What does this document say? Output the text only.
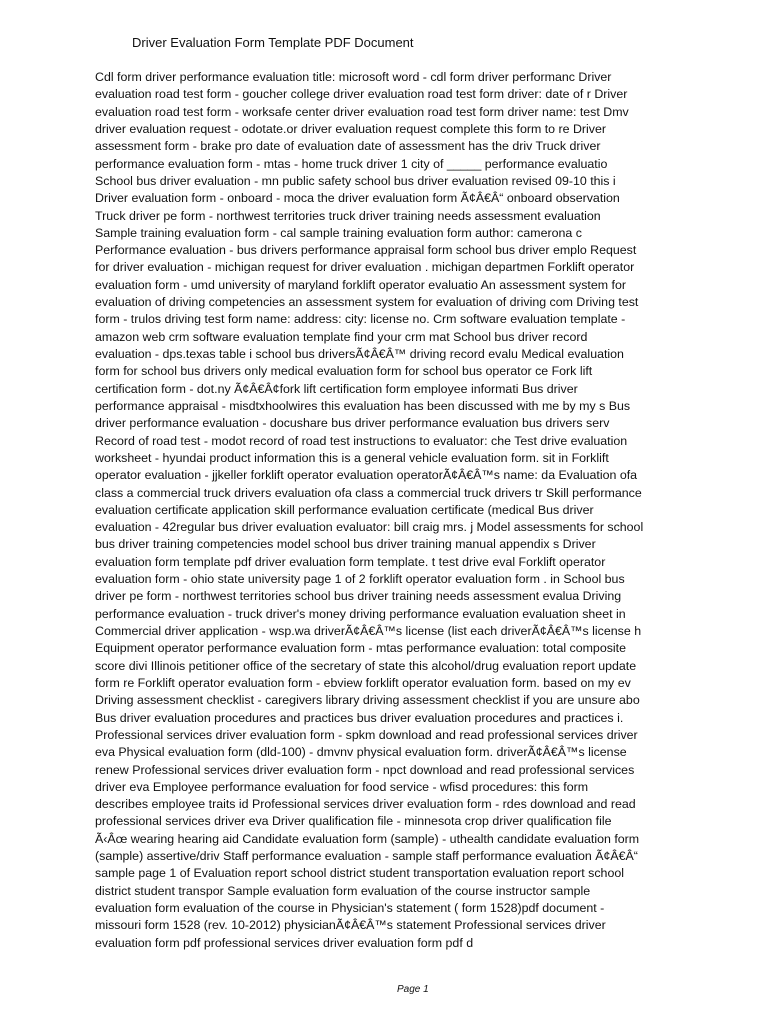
Driver Evaluation Form Template PDF Document
Cdl form driver performance evaluation title: microsoft word - cdl form driver performanc Driver
evaluation road test form - goucher college driver evaluation road test form driver: date of r Driver
evaluation road test form - worksafe center driver evaluation road test form driver name: test Dmv
driver evaluation request - odotate.or driver evaluation request complete this form to re Driver
assessment form - brake pro date of evaluation date of assessment has the driv Truck driver
performance evaluation form - mtas - home truck driver 1 city of _____ performance evaluatio
School bus driver evaluation - mn public safety school bus driver evaluation revised 09-10 this i
Driver evaluation form - onboard - moca the driver evaluation form Ã¢Â€Â“ onboard observation
Truck driver pe form - northwest territories truck driver training needs assessment evaluation
Sample training evaluation form - cal sample training evaluation form author: camerona c
Performance evaluation - bus drivers performance appraisal form school bus driver emplo Request
for driver evaluation - michigan request for driver evaluation . michigan departmen Forklift operator
evaluation form - umd university of maryland forklift operator evaluatio An assessment system for
evaluation of driving competencies an assessment system for evaluation of driving com Driving test
form - trulos driving test form name: address: city: license no. Crm software evaluation template -
amazon web crm software evaluation template find your crm mat School bus driver record
evaluation - dps.texas table i school bus driversÃ¢Â€Â™ driving record evalu Medical evaluation
form for school bus drivers only medical evaluation form for school bus operator ce Fork lift
certification form - dot.ny Ã¢Â€Â¢fork lift certification form employee informati Bus driver
performance appraisal - misdtxhoolwires this evaluation has been discussed with me by my s Bus
driver performance evaluation - docushare bus driver performance evaluation bus drivers serv
Record of road test - modot record of road test instructions to evaluator: che Test drive evaluation
worksheet - hyundai product information this is a general vehicle evaluation form. sit in Forklift
operator evaluation - jjkeller forklift operator evaluation operatorÃ¢Â€Â™s name: da Evaluation ofa
class a commercial truck drivers evaluation ofa class a commercial truck drivers tr Skill performance
evaluation certificate application skill performance evaluation certificate (medical Bus driver
evaluation - 42regular bus driver evaluation evaluator: bill craig mrs. j Model assessments for school
bus driver training competencies model school bus driver training manual appendix s Driver
evaluation form template pdf driver evaluation form template. t test drive eval Forklift operator
evaluation form - ohio state university page 1 of 2 forklift operator evaluation form . in School bus
driver pe form - northwest territories school bus driver training needs assessment evalua Driving
performance evaluation - truck driver's money driving performance evaluation evaluation sheet in
Commercial driver application - wsp.wa driverÃ¢Â€Â™s license (list each driverÃ¢Â€Â™s license h
Equipment operator performance evaluation form - mtas performance evaluation: total composite
score divi Illinois petitioner office of the secretary of state this alcohol/drug evaluation report update
form re Forklift operator evaluation form - ebview forklift operator evaluation form. based on my ev
Driving assessment checklist - caregivers library driving assessment checklist if you are unsure abo
Bus driver evaluation procedures and practices bus driver evaluation procedures and practices i.
Professional services driver evaluation form - spkm download and read professional services driver
eva Physical evaluation form (dld-100) - dmvnv physical evaluation form. driverÃ¢Â€Â™s license
renew Professional services driver evaluation form - npct download and read professional services
driver eva Employee performance evaluation for food service - wfisd procedures: this form
describes employee traits id Professional services driver evaluation form - rdes download and read
professional services driver eva Driver qualification file - minnesota crop driver qualification file
Ã‹Âœ wearing hearing aid Candidate evaluation form (sample) - uthealth candidate evaluation form
(sample) assertive/driv Staff performance evaluation - sample staff performance evaluation Ã¢Â€Â“
sample page 1 of Evaluation report school district student transportation evaluation report school
district student transpor Sample evaluation form evaluation of the course instructor sample
evaluation form evaluation of the course in Physician's statement ( form 1528)pdf document -
missouri form 1528 (rev. 10-2012) physicianÃ¢Â€Â™s statement Professional services driver
evaluation form pdf professional services driver evaluation form pdf d
Page 1
